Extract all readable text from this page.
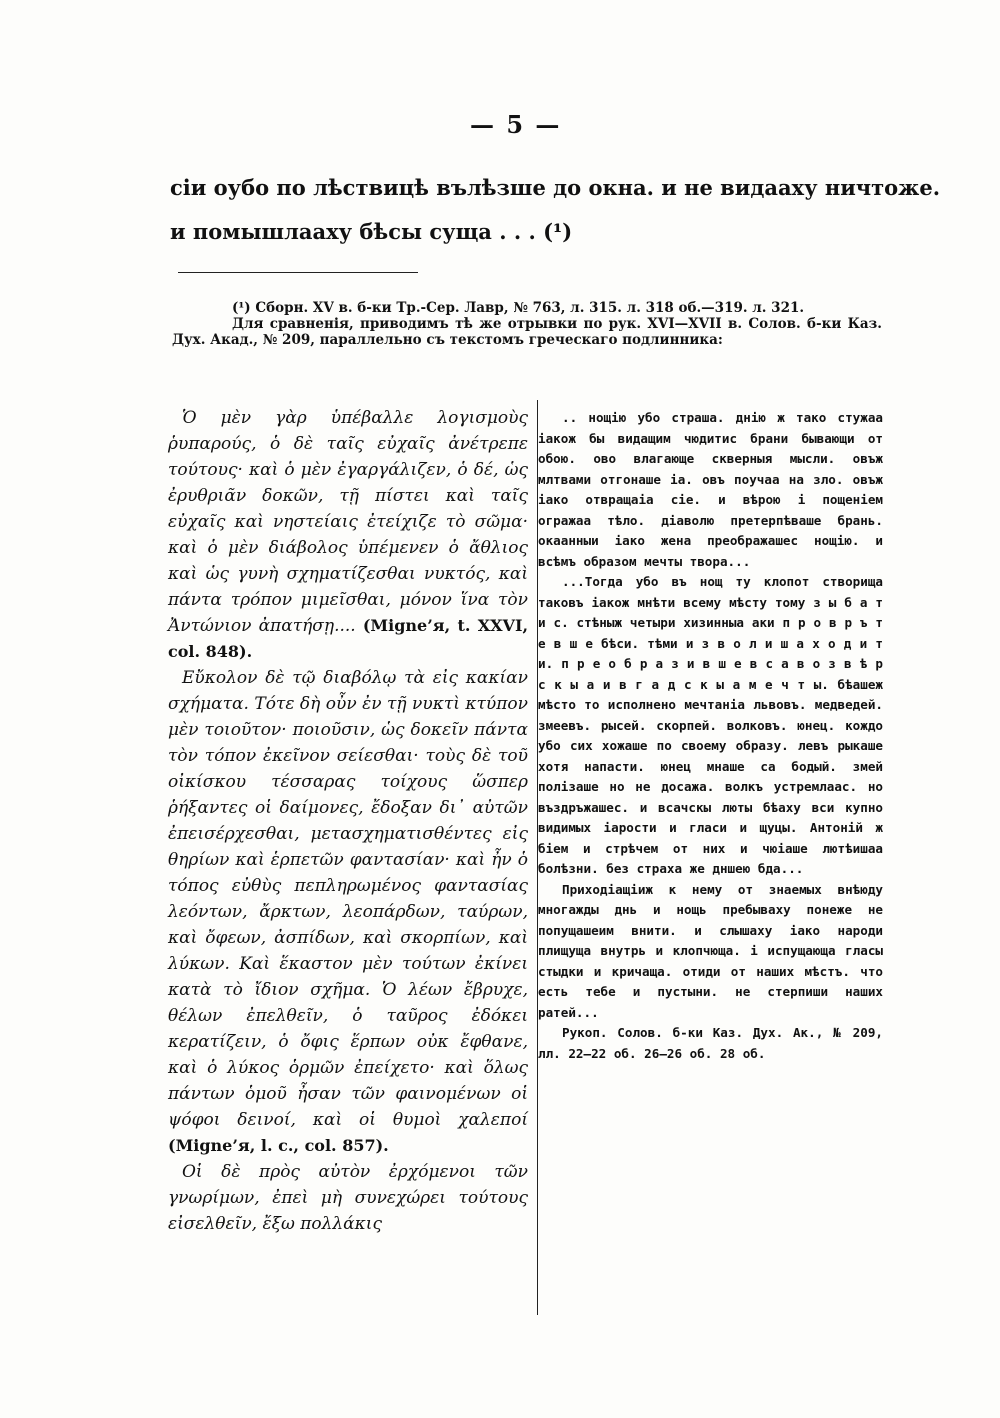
— 5 —

сіи оубо по лѣствицѣ вълѣзше до окна. и не видааху ничтоже.

и помышлааху бѣсы суща . . . (¹)

(¹) Сборн. XV в. б-ки Тр.-Сер. Лавр, № 763, л. 315. л. 318 об.—319. л. 321.

Для сравненія, приводимъ тѣ же отрывки по рук. XVI—XVII в. Солов. б-ки Каз. Дух. Акад., № 209, параллельно съ текстомъ греческаго подлинника:

Ὁ μὲν γὰρ ὑπέβαλλε λογισμοὺς ῥυπαρούς, ὁ δὲ ταῖς εὐχαῖς ἀνέτρεπε τούτους· καὶ ὁ μὲν ἐγαργάλιζεν, ὁ δέ, ὡς ἐρυθριᾶν δοκῶν, τῇ πίστει καὶ ταῖς εὐχαῖς καὶ νηστείαις ἐτείχιζε τὸ σῶμα· καὶ ὁ μὲν διάβολος ὑπέμενεν ὁ ἄθλιος καὶ ὡς γυνὴ σχηματίζεσθαι νυκτός, καὶ πάντα τρόπον μιμεῖσθαι, μόνον ἵνα τὸν Ἀντώνιον ἀπατήσῃ.... (Migne’я, t. XXVI, col. 848).

Εὔκολον δὲ τῷ διαβόλῳ τὰ εἰς κακίαν σχήματα. Τότε δὴ οὖν ἐν τῇ νυκτὶ κτύπον μὲν τοιοῦτον· ποιοῦσιν, ὡς δοκεῖν πάντα τὸν τόπον ἐκεῖνον σείεσθαι· τοὺς δὲ τοῦ οἰκίσκου τέσσαρας τοίχους ὥσπερ ῥήξαντες οἱ δαίμονες, ἔδοξαν δι᾽ αὐτῶν ἐπεισέρχεσθαι, μετασχηματισθέντες εἰς θηρίων καὶ ἑρπετῶν φαντασίαν· καὶ ἦν ὁ τόπος εὐθὺς πεπληρωμένος φαντασίας λεόντων, ἄρκτων, λεοπάρδων, ταύρων, καὶ ὄφεων, ἀσπίδων, καὶ σκορπίων, καὶ λύκων. Καὶ ἕκαστον μὲν τούτων ἐκίνει κατὰ τὸ ἴδιον σχῆμα. Ὁ λέων ἔβρυχε, θέλων ἐπελθεῖν, ὁ ταῦρος ἐδόκει κερατίζειν, ὁ ὄφις ἕρπων οὐκ ἔφθανε, καὶ ὁ λύκος ὁρμῶν ἐπείχετο· καὶ ὅλως πάντων ὁμοῦ ἦσαν τῶν φαινομένων οἱ ψόφοι δεινοί, καὶ οἱ θυμοὶ χαλεποί (Migne’я, l. c., col. 857).

Οἱ δὲ πρὸς αὐτὸν ἐρχόμενοι τῶν γνωρίμων, ἐπεὶ μὴ συνεχώρει τούτους εἰσελθεῖν, ἔξω πολλάκις

.. нощію убо страша. днію ж тако стужаа іакож бы видащим чюдитис брани бывающи от обою. ово влагающе скверныя мысли. овъж млтвами отгонаше іа. овъ поучаа на зло. овъж іако отвращаіа сіе. и вѣрою і пощеніем огражаа тѣло. діаволю претерпѣваше брань. окаанныи іако жена преображашес нощію. и всѣмъ образом мечты твора...

...Тогда убо въ нощ ту клопот створища таковъ іакож мнѣти всему мѣсту тому з ы б а т и с. стѣныж четыри хизинныа аки п р о в р ъ т е в ш е бѣси. тѣми и з в о л и ш а х о д и т и. п р е о б р а з и в ш е в с а в о з в ѣ р с к ы а и в г а д с к ы а м е ч т ы. бѣашеж мѣсто то исполнено мечтаніа львовъ. медведей. змеевъ. рысей. скорпей. волковъ. юнец. кождо убо сих хожаше по своему образу. левъ рыкаше хотя напасти. юнец мнаше са бодый. змей полізаше но не досажа. волкъ устремлаас. но въздръжашес. и всачскы люты бѣаху вси купно видимых іарости и гласи и щуцы. Антоній ж біем и стрѣчем от них и чюіаше лютѣишаа болѣзни. без страха же дншею бда...

Приходіащіиж к нему от знаемых внѣюду многажды днь и нощь пребываху понеже не попущашеим внити. и слышаху іако народи плищуща внутрь и клопчюща. і испущающа гласы стыдки и кричаща. отиди от наших мѣстъ. что есть тебе и пустыни. не стерпиши наших ратей...

Рукоп. Солов. б-ки Каз. Дух. Ак., № 209, лл. 22—22 об. 26—26 об. 28 об.
